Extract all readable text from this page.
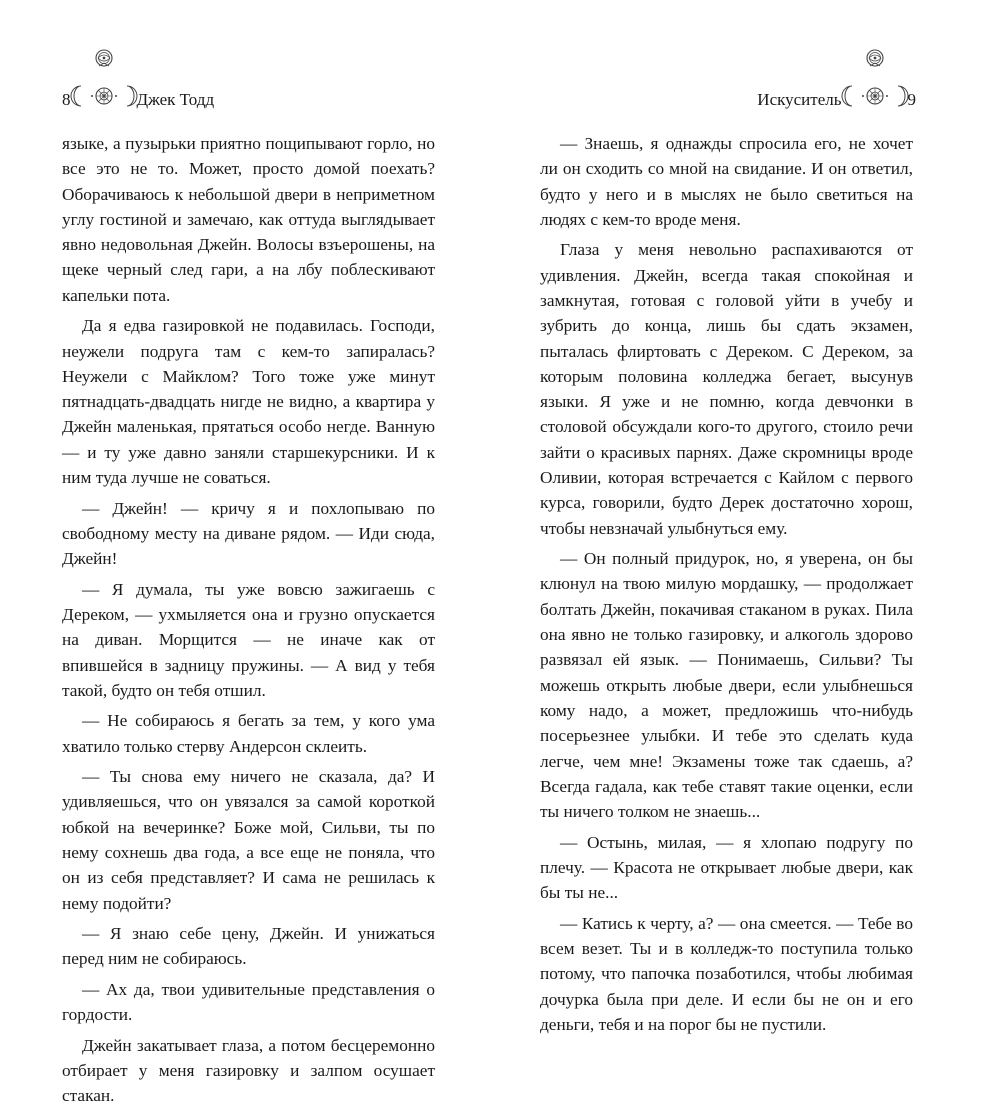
8	Джек Тодд

языке, а пузырьки приятно пощипывают горло, но все это не то. Может, просто домой поехать? Оборачиваюсь к небольшой двери в неприметном углу гостиной и замечаю, как оттуда выглядывает явно недовольная Джейн. Волосы взъерошены, на щеке черный след гари, а на лбу поблескивают капельки пота.

Да я едва газировкой не подавилась. Господи, неужели подруга там с кем-то запиралась? Неужели с Майклом? Того тоже уже минут пятнадцать-двадцать нигде не видно, а квартира у Джейн маленькая, прятаться особо негде. Ванную — и ту уже давно заняли старшекурсники. И к ним туда лучше не соваться.

— Джейн! — кричу я и похлопываю по свободному месту на диване рядом. — Иди сюда, Джейн!

— Я думала, ты уже вовсю зажигаешь с Дереком, — ухмыляется она и грузно опускается на диван. Морщится — не иначе как от впившейся в задницу пружины. — А вид у тебя такой, будто он тебя отшил.

— Не собираюсь я бегать за тем, у кого ума хватило только стерву Андерсон склеить.

— Ты снова ему ничего не сказала, да? И удивляешься, что он увязался за самой короткой юбкой на вечеринке? Боже мой, Сильви, ты по нему сохнешь два года, а все еще не поняла, что он из себя представляет? И сама не решилась к нему подойти?

— Я знаю себе цену, Джейн. И унижаться перед ним не собираюсь.

— Ах да, твои удивительные представления о гордости.

Джейн закатывает глаза, а потом бесцеремонно отбирает у меня газировку и залпом осушает стакан.

Искуситель	9

— Знаешь, я однажды спросила его, не хочет ли он сходить со мной на свидание. И он ответил, будто у него и в мыслях не было светиться на людях с кем-то вроде меня.

Глаза у меня невольно распахиваются от удивления. Джейн, всегда такая спокойная и замкнутая, готовая с головой уйти в учебу и зубрить до конца, лишь бы сдать экзамен, пыталась флиртовать с Дереком. С Дереком, за которым половина колледжа бегает, высунув языки. Я уже и не помню, когда девчонки в столовой обсуждали кого-то другого, стоило речи зайти о красивых парнях. Даже скромницы вроде Оливии, которая встречается с Кайлом с первого курса, говорили, будто Дерек достаточно хорош, чтобы невзначай улыбнуться ему.

— Он полный придурок, но, я уверена, он бы клюнул на твою милую мордашку, — продолжает болтать Джейн, покачивая стаканом в руках. Пила она явно не только газировку, и алкоголь здорово развязал ей язык. — Понимаешь, Сильви? Ты можешь открыть любые двери, если улыбнешься кому надо, а может, предложишь что-нибудь посерьезнее улыбки. И тебе это сделать куда легче, чем мне! Экзамены тоже так сдаешь, а? Всегда гадала, как тебе ставят такие оценки, если ты ничего толком не знаешь...

— Остынь, милая, — я хлопаю подругу по плечу. — Красота не открывает любые двери, как бы ты не...

— Катись к черту, а? — она смеется. — Тебе во всем везет. Ты и в колледж-то поступила только потому, что папочка позаботился, чтобы любимая дочурка была при деле. И если бы не он и его деньги, тебя и на порог бы не пустили.
